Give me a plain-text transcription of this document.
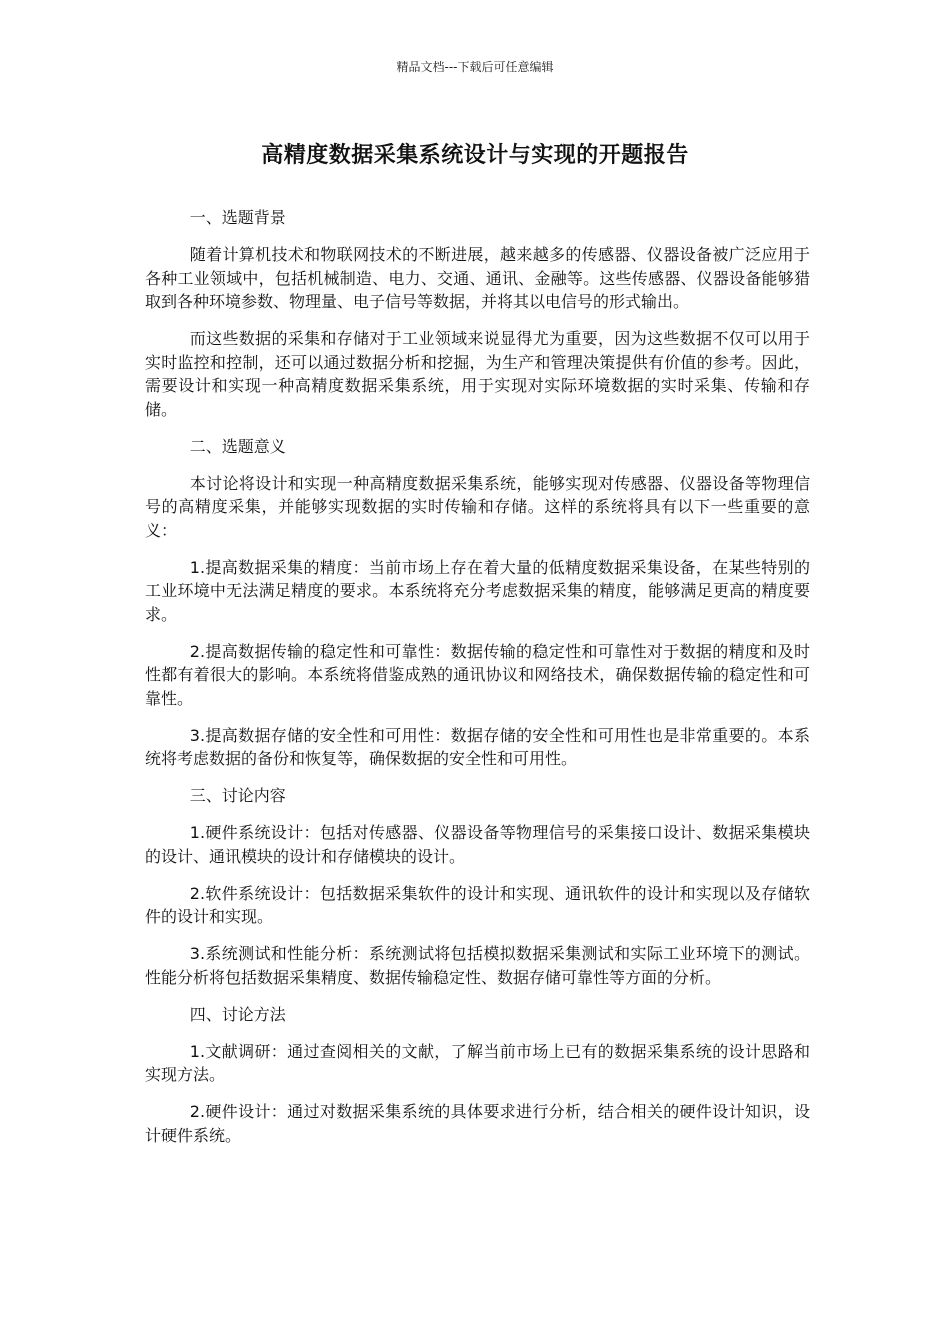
精品文档---下载后可任意编辑
高精度数据采集系统设计与实现的开题报告

一、选题背景

随着计算机技术和物联网技术的不断进展，越来越多的传感器、仪器设备被广泛应用于各种工业领域中，包括机械制造、电力、交通、通讯、金融等。这些传感器、仪器设备能够猎取到各种环境参数、物理量、电子信号等数据，并将其以电信号的形式输出。

而这些数据的采集和存储对于工业领域来说显得尤为重要，因为这些数据不仅可以用于实时监控和控制，还可以通过数据分析和挖掘，为生产和管理决策提供有价值的参考。因此，需要设计和实现一种高精度数据采集系统，用于实现对实际环境数据的实时采集、传输和存储。

二、选题意义

本讨论将设计和实现一种高精度数据采集系统，能够实现对传感器、仪器设备等物理信号的高精度采集，并能够实现数据的实时传输和存储。这样的系统将具有以下一些重要的意义：

1.提高数据采集的精度：当前市场上存在着大量的低精度数据采集设备，在某些特别的工业环境中无法满足精度的要求。本系统将充分考虑数据采集的精度，能够满足更高的精度要求。

2.提高数据传输的稳定性和可靠性：数据传输的稳定性和可靠性对于数据的精度和及时性都有着很大的影响。本系统将借鉴成熟的通讯协议和网络技术，确保数据传输的稳定性和可靠性。

3.提高数据存储的安全性和可用性：数据存储的安全性和可用性也是非常重要的。本系统将考虑数据的备份和恢复等，确保数据的安全性和可用性。

三、讨论内容

1.硬件系统设计：包括对传感器、仪器设备等物理信号的采集接口设计、数据采集模块的设计、通讯模块的设计和存储模块的设计。

2.软件系统设计：包括数据采集软件的设计和实现、通讯软件的设计和实现以及存储软件的设计和实现。

3.系统测试和性能分析：系统测试将包括模拟数据采集测试和实际工业环境下的测试。性能分析将包括数据采集精度、数据传输稳定性、数据存储可靠性等方面的分析。

四、讨论方法

1.文献调研：通过查阅相关的文献，了解当前市场上已有的数据采集系统的设计思路和实现方法。

2.硬件设计：通过对数据采集系统的具体要求进行分析，结合相关的硬件设计知识，设计硬件系统。
